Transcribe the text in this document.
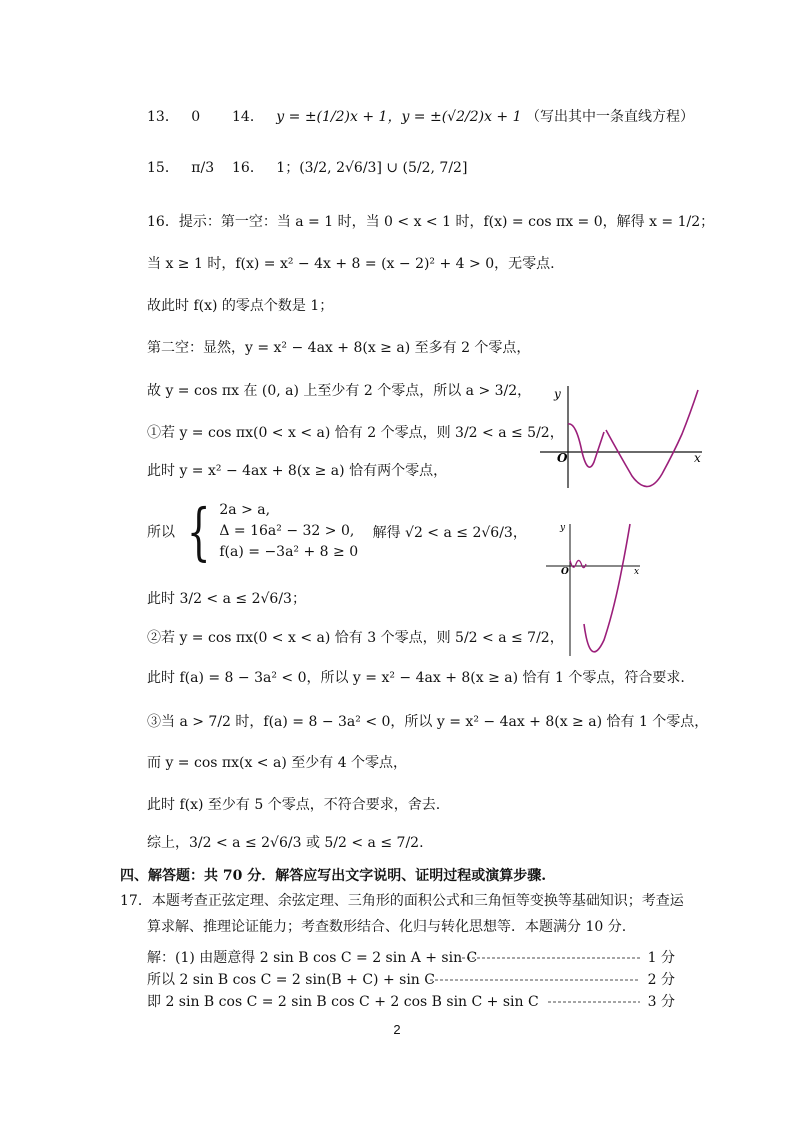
13． 0 14． y = ±(1/2)x + 1，y = ±(√2/2)x + 1 （写出其中一条直线方程）
15． π/3 16． 1；(3/2, 2√6/3] ∪ (5/2, 7/2]
16．提示：第一空：当 a = 1 时，当 0 < x < 1 时，f(x) = cos πx = 0，解得 x = 1/2；
当 x ≥ 1 时，f(x) = x² − 4x + 8 = (x − 2)² + 4 > 0，无零点.
故此时 f(x) 的零点个数是 1；
第二空：显然，y = x² − 4ax + 8(x ≥ a) 至多有 2 个零点，
故 y = cos πx 在 (0, a) 上至少有 2 个零点，所以 a > 3/2，
①若 y = cos πx(0 < x < a) 恰有 2 个零点，则 3/2 < a ≤ 5/2，
此时 y = x² − 4ax + 8(x ≥ a) 恰有两个零点，
所以 { 2a > a,
Δ = 16a² − 32 > 0,
f(a) = −3a² + 8 ≥ 0
解得 √2 < a ≤ 2√6/3，
此时 3/2 < a ≤ 2√6/3；
②若 y = cos πx(0 < x < a) 恰有 3 个零点，则 5/2 < a ≤ 7/2，
此时 f(a) = 8 − 3a² < 0，所以 y = x² − 4ax + 8(x ≥ a) 恰有 1 个零点，符合要求.
③当 a > 7/2 时，f(a) = 8 − 3a² < 0，所以 y = x² − 4ax + 8(x ≥ a) 恰有 1 个零点，
而 y = cos πx(x < a) 至少有 4 个零点，
此时 f(x) 至少有 5 个零点，不符合要求，舍去.
综上，3/2 < a ≤ 2√6/3 或 5/2 < a ≤ 7/2.
四、解答题：共 70 分．解答应写出文字说明、证明过程或演算步骤.
17．本题考查正弦定理、余弦定理、三角形的面积公式和三角恒等变换等基础知识；考查运
算求解、推理论证能力；考查数形结合、化归与转化思想等．本题满分 10 分.
解：(1) 由题意得 2 sin B cos C = 2 sin A + sin C	1 分
所以 2 sin B cos C = 2 sin(B + C) + sin C	2 分
即 2 sin B cos C = 2 sin B cos C + 2 cos B sin C + sin C	3 分
y
x
O
y
x
O
2
